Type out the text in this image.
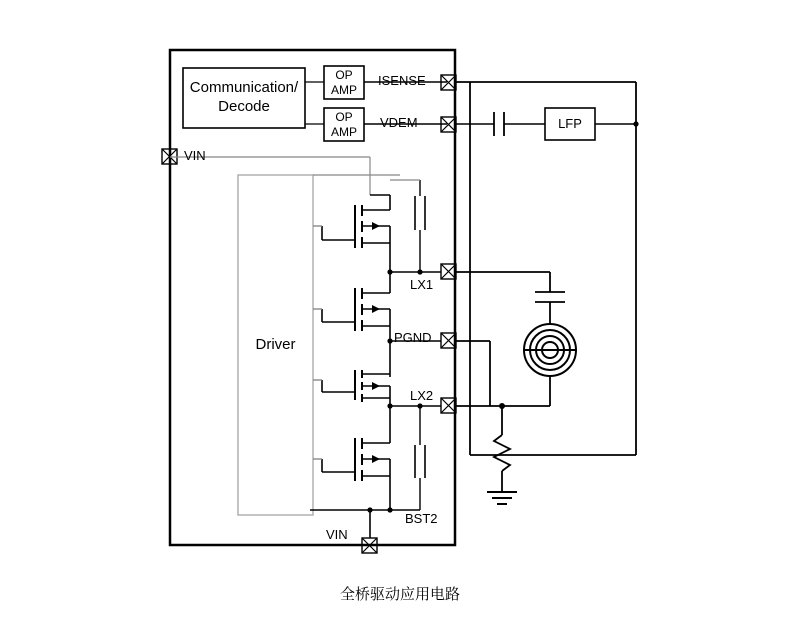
Communication/
Decode
OP
AMP
OP
AMP
Driver
LFP
ISENSE
VDEM
VIN
LX1
PGND
LX2
BST2
VIN
全桥驱动应用电路
